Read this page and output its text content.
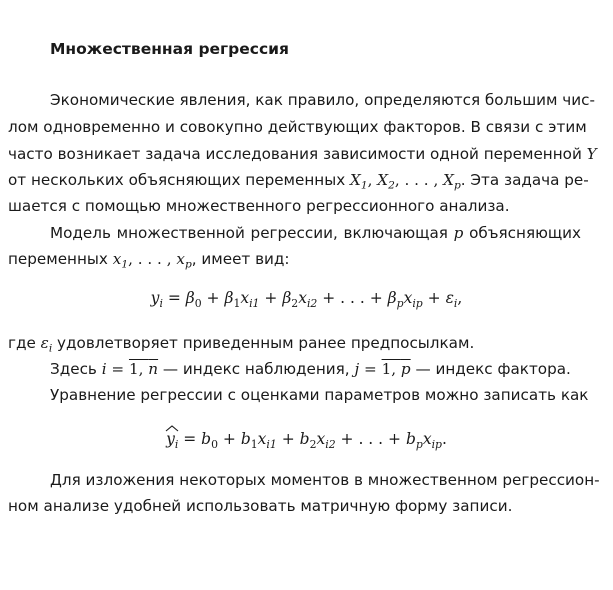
Множественная регрессия
Экономические явления, как правило, определяются большим чис-
лом одновременно и совокупно действующих факторов. В связи с этим
часто возникает задача исследования зависимости одной переменной Y
от нескольких объясняющих переменных $X_1$, $X_2$, . . . , $X_p$. Эта задача ре-
шается с помощью множественного регрессионного анализа.
Модель множественной регрессии, включающая p объясняющих
переменных $x_1$, . . . , $x_p$, имеет вид:
$y_i = \beta_0 + \beta_1x_{i1} + \beta_2x_{i2}$ + . . . + $\beta_px_{ip} + \varepsilon_i$,
где $\varepsilon_i$ удовлетворяет приведенным ранее предпосылкам.
Здесь i = 1, n — индекс наблюдения, j = 1, p — индекс фактора.
Уравнение регрессии с оценками параметров можно записать как
$y_i = b_0 + b_1x_{i1} + b_2x_{i2}$ + . . . + $b_px_{ip}$.
Для изложения некоторых моментов в множественном регрессион-
ном анализе удобней использовать матричную форму записи.
